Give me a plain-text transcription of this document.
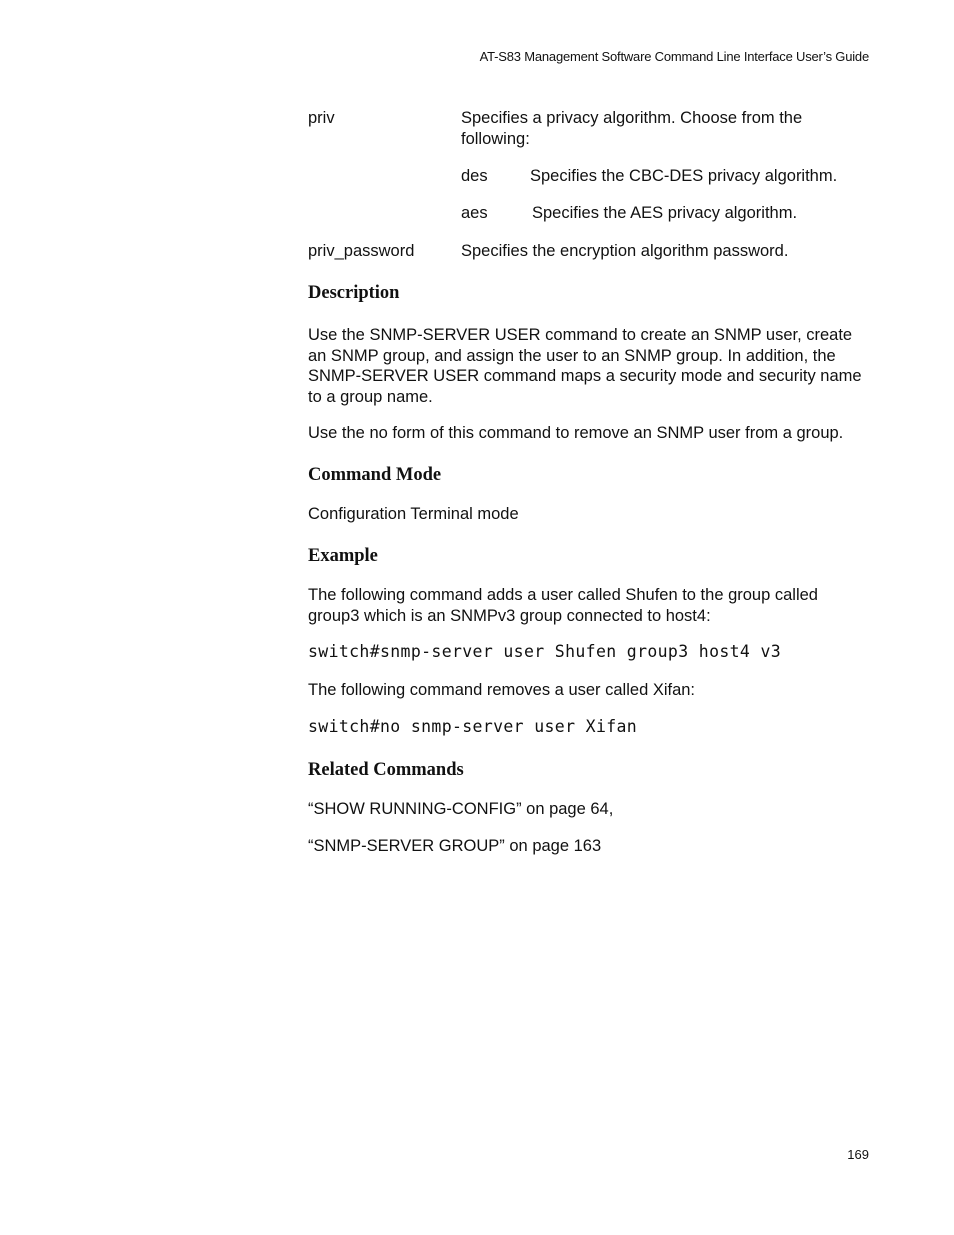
AT-S83 Management Software Command Line Interface User’s Guide
priv	Specifies a privacy algorithm. Choose from the following:
des	Specifies the CBC-DES privacy algorithm.
aes	Specifies the AES privacy algorithm.
priv_password	Specifies the encryption algorithm password.
Description
Use the SNMP-SERVER USER command to create an SNMP user, create an SNMP group, and assign the user to an SNMP group. In addition, the SNMP-SERVER USER command maps a security mode and security name to a group name.
Use the no form of this command to remove an SNMP user from a group.
Command Mode
Configuration Terminal mode
Example
The following command adds a user called Shufen to the group called group3 which is an SNMPv3 group connected to host4:
switch#snmp-server user Shufen group3 host4 v3
The following command removes a user called Xifan:
switch#no snmp-server user Xifan
Related Commands
“SHOW RUNNING-CONFIG” on page 64,
“SNMP-SERVER GROUP” on page 163
169
